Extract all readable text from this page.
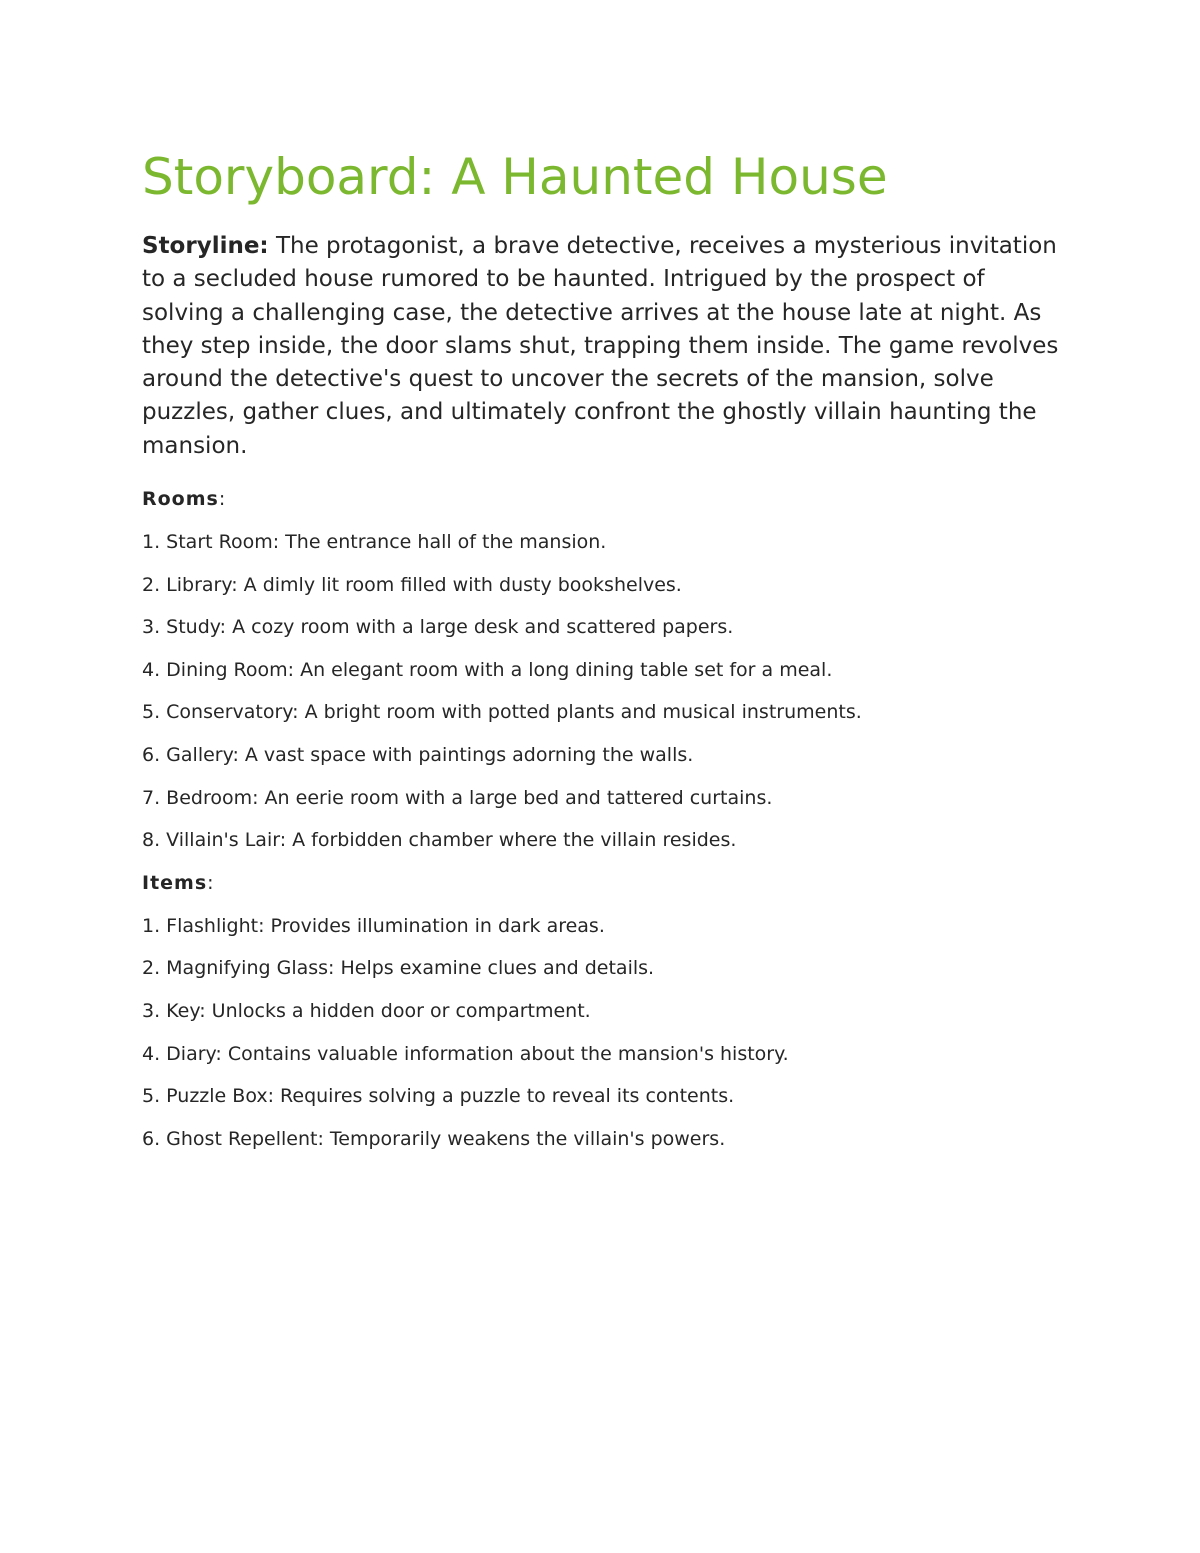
Storyboard: A Haunted House

Storyline: The protagonist, a brave detective, receives a mysterious invitation to a secluded house rumored to be haunted. Intrigued by the prospect of solving a challenging case, the detective arrives at the house late at night. As they step inside, the door slams shut, trapping them inside. The game revolves around the detective's quest to uncover the secrets of the mansion, solve puzzles, gather clues, and ultimately confront the ghostly villain haunting the mansion.

Rooms:
1. Start Room: The entrance hall of the mansion.
2. Library: A dimly lit room filled with dusty bookshelves.
3. Study: A cozy room with a large desk and scattered papers.
4. Dining Room: An elegant room with a long dining table set for a meal.
5. Conservatory: A bright room with potted plants and musical instruments.
6. Gallery: A vast space with paintings adorning the walls.
7. Bedroom: An eerie room with a large bed and tattered curtains.
8. Villain's Lair: A forbidden chamber where the villain resides.
Items:
1. Flashlight: Provides illumination in dark areas.
2. Magnifying Glass: Helps examine clues and details.
3. Key: Unlocks a hidden door or compartment.
4. Diary: Contains valuable information about the mansion's history.
5. Puzzle Box: Requires solving a puzzle to reveal its contents.
6. Ghost Repellent: Temporarily weakens the villain's powers.
